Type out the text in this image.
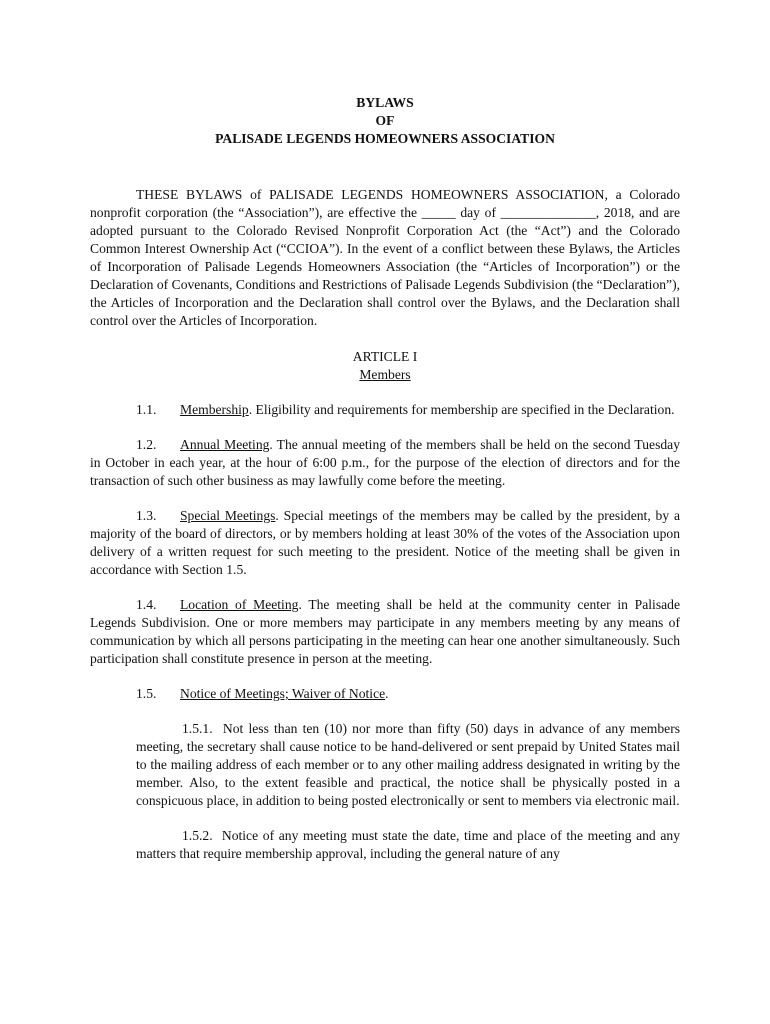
BYLAWS
OF
PALISADE LEGENDS HOMEOWNERS ASSOCIATION

THESE BYLAWS of PALISADE LEGENDS HOMEOWNERS ASSOCIATION, a Colorado nonprofit corporation (the “Association”), are effective the _____ day of ______________, 2018, and are adopted pursuant to the Colorado Revised Nonprofit Corporation Act (the “Act”) and the Colorado Common Interest Ownership Act (“CCIOA”). In the event of a conflict between these Bylaws, the Articles of Incorporation of Palisade Legends Homeowners Association (the “Articles of Incorporation”) or the Declaration of Covenants, Conditions and Restrictions of Palisade Legends Subdivision (the “Declaration”), the Articles of Incorporation and the Declaration shall control over the Bylaws, and the Declaration shall control over the Articles of Incorporation.

ARTICLE I
Members

1.1. Membership. Eligibility and requirements for membership are specified in the Declaration.

1.2. Annual Meeting. The annual meeting of the members shall be held on the second Tuesday in October in each year, at the hour of 6:00 p.m., for the purpose of the election of directors and for the transaction of such other business as may lawfully come before the meeting.

1.3. Special Meetings. Special meetings of the members may be called by the president, by a majority of the board of directors, or by members holding at least 30% of the votes of the Association upon delivery of a written request for such meeting to the president. Notice of the meeting shall be given in accordance with Section 1.5.

1.4. Location of Meeting. The meeting shall be held at the community center in Palisade Legends Subdivision. One or more members may participate in any members meeting by any means of communication by which all persons participating in the meeting can hear one another simultaneously. Such participation shall constitute presence in person at the meeting.

1.5. Notice of Meetings; Waiver of Notice.

1.5.1. Not less than ten (10) nor more than fifty (50) days in advance of any members meeting, the secretary shall cause notice to be hand-delivered or sent prepaid by United States mail to the mailing address of each member or to any other mailing address designated in writing by the member. Also, to the extent feasible and practical, the notice shall be physically posted in a conspicuous place, in addition to being posted electronically or sent to members via electronic mail.

1.5.2. Notice of any meeting must state the date, time and place of the meeting and any matters that require membership approval, including the general nature of any
